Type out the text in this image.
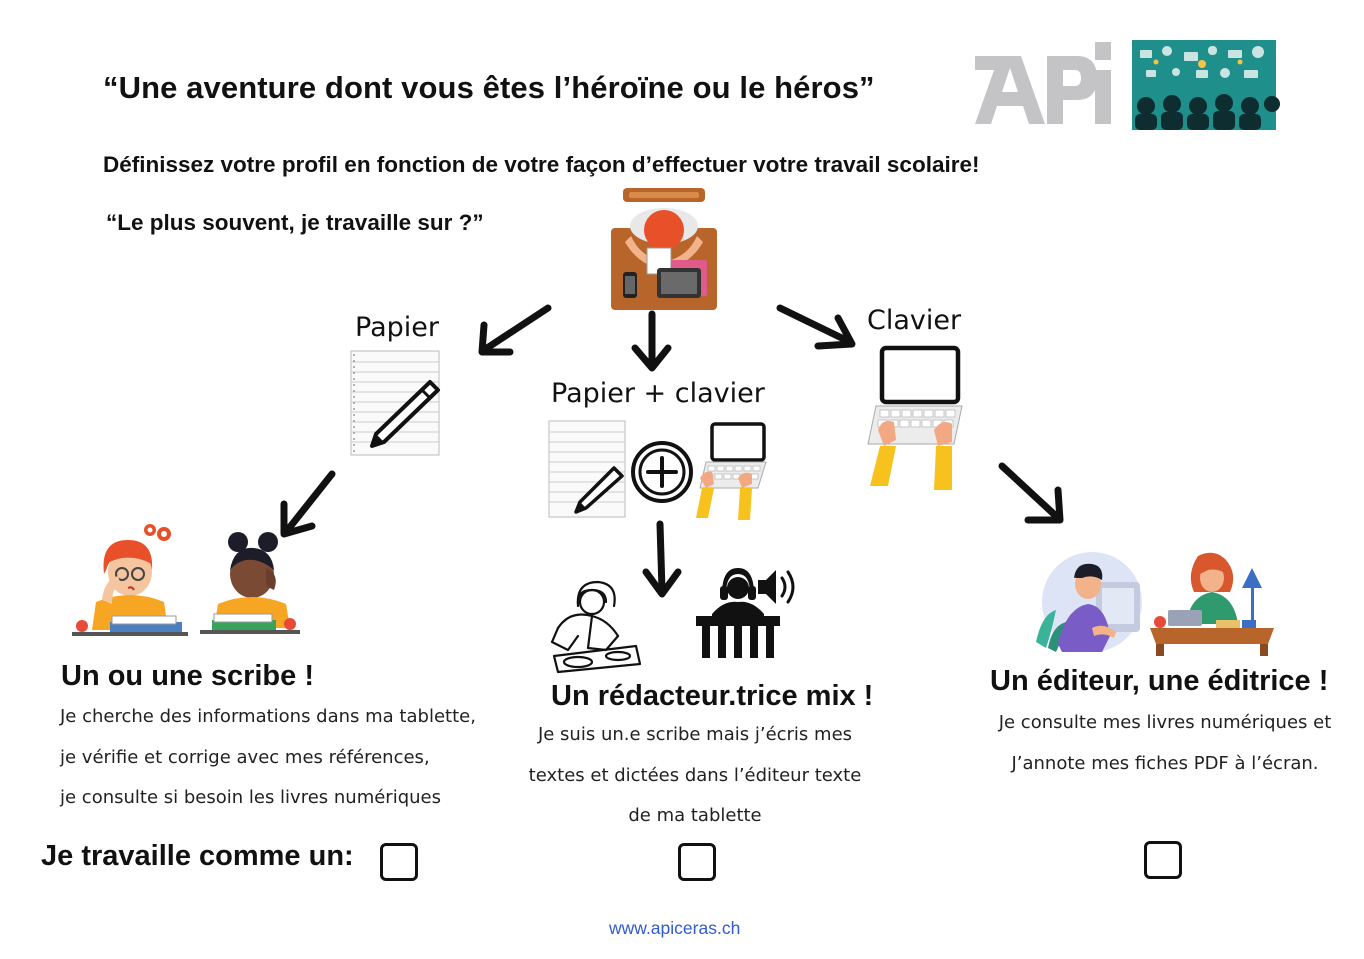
“Une aventure dont vous êtes l’héroïne ou le héros”
Définissez votre profil en fonction de votre façon d’effectuer votre travail scolaire!
“Le plus souvent, je travaille sur ?”
Papier
Papier + clavier
Clavier
Un ou une scribe !
Un rédacteur.trice mix !	Un éditeur, une éditrice !
Je cherche des informations dans ma tablette,
je vérifie et corrige avec mes références,
je consulte si besoin les livres numériques
Je suis un.e scribe mais j’écris mes
textes et dictées dans l’éditeur texte
de ma tablette
Je consulte mes livres numériques et
J’annote mes fiches PDF à l’écran.
Je travaille comme un:
www.apiceras.ch
